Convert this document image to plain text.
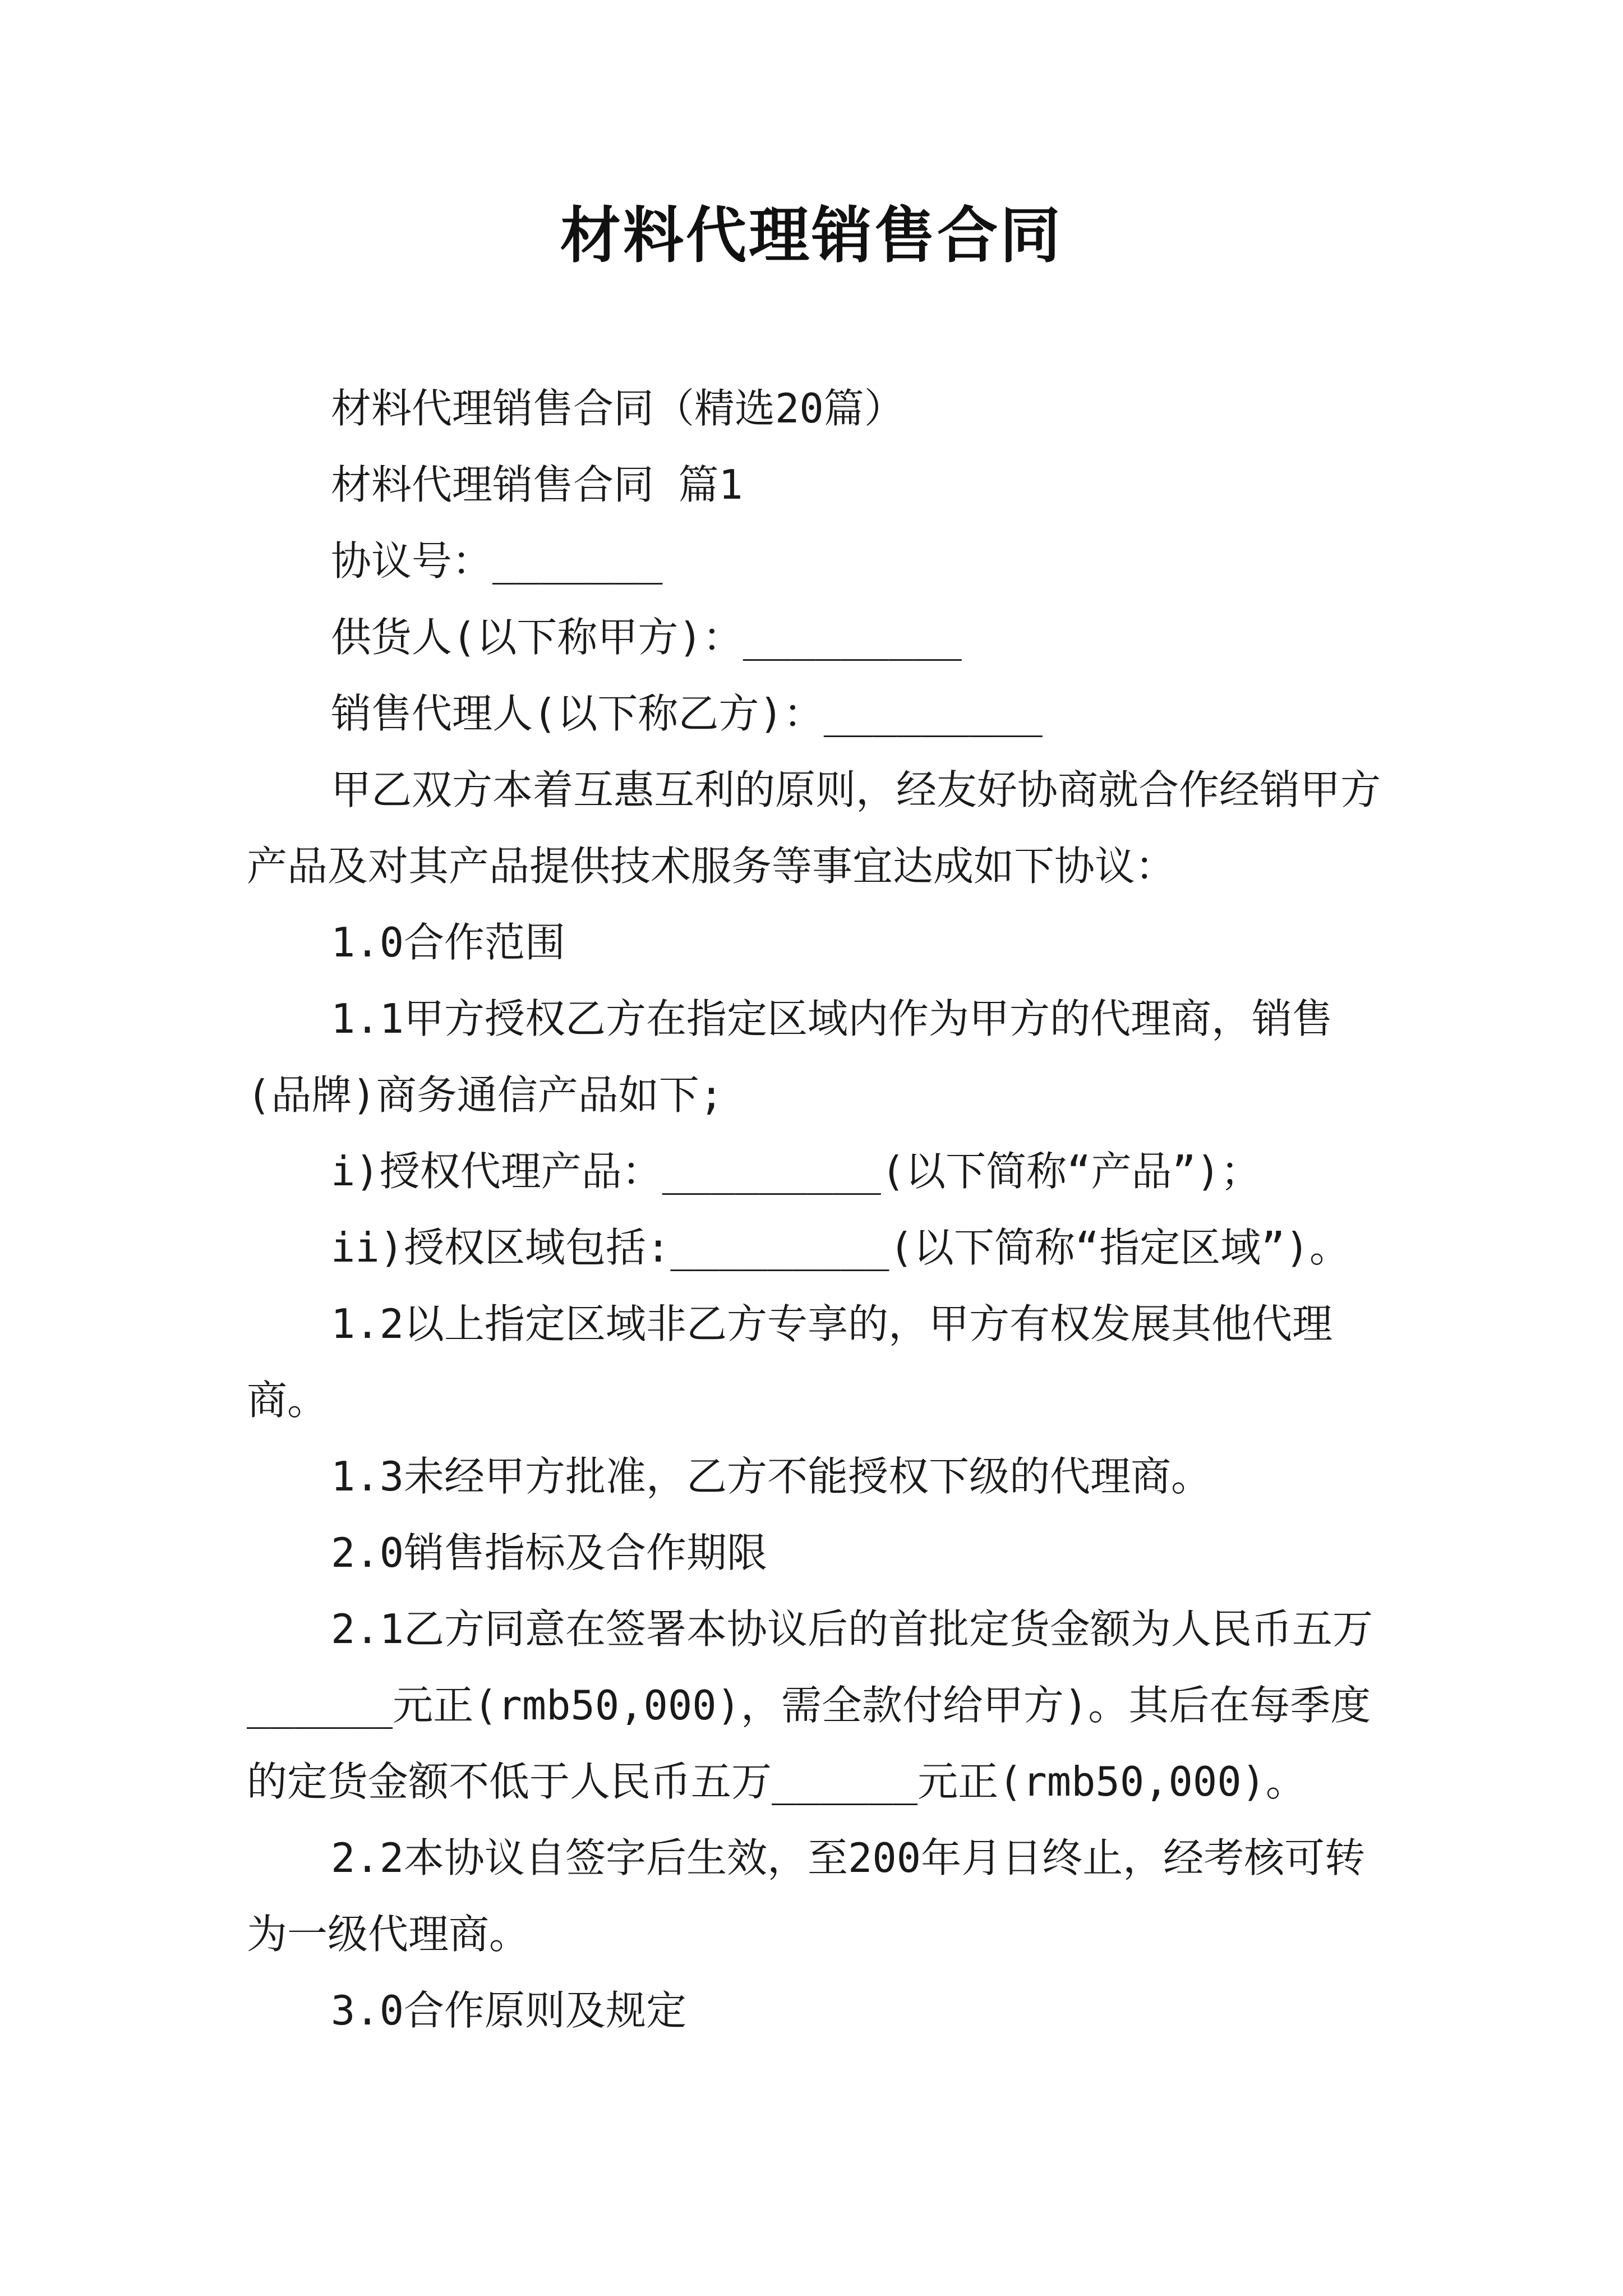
材料代理销售合同

材料代理销售合同（精选20篇）

材料代理销售合同 篇1

协议号：_______

供货人(以下称甲方)：_________

销售代理人(以下称乙方)：_________

甲乙双方本着互惠互利的原则，经友好协商就合作经销甲方产品及对其产品提供技术服务等事宜达成如下协议：

1.0合作范围

1.1甲方授权乙方在指定区域内作为甲方的代理商，销售(品牌)商务通信产品如下;

i)授权代理产品：_________(以下简称“产品”)；

ii)授权区域包括:_________(以下简称“指定区域”)。

1.2以上指定区域非乙方专享的，甲方有权发展其他代理商。

1.3未经甲方批准，乙方不能授权下级的代理商。

2.0销售指标及合作期限

2.1乙方同意在签署本协议后的首批定货金额为人民币五万______元正(rmb50,000)，需全款付给甲方)。其后在每季度的定货金额不低于人民币五万______元正(rmb50,000)。

2.2本协议自签字后生效，至200年月日终止，经考核可转为一级代理商。

3.0合作原则及规定
